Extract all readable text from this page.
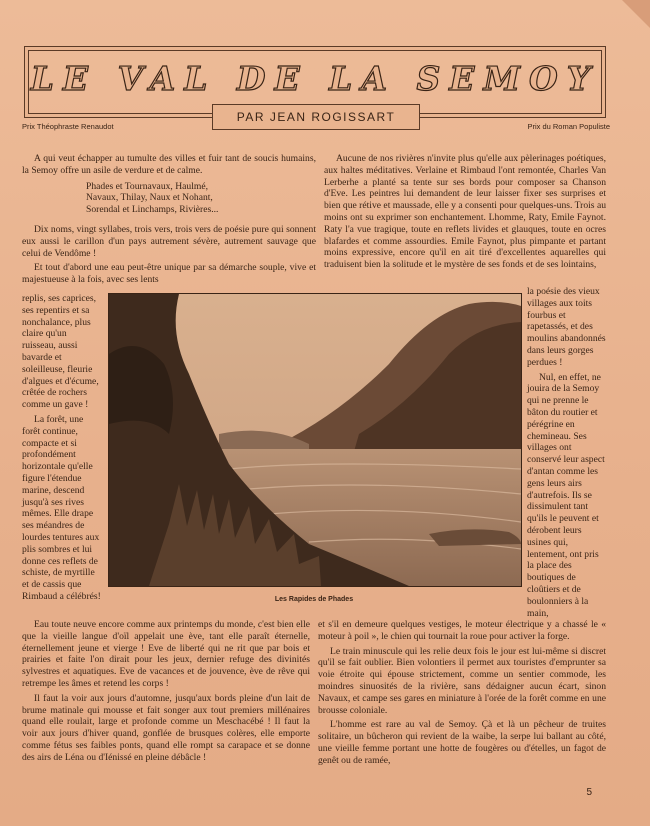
LE VAL DE LA SEMOY
PAR JEAN ROGISSART
Prix Théophraste Renaudot	Prix du Roman Populiste

A qui veut échapper au tumulte des villes et fuir tant de soucis humains, la Semoy offre un asile de verdure et de calme.

Phades et Tournavaux, Haulmé,
Navaux, Thilay, Naux et Nohant,
Sorendal et Linchamps, Rivières...

Dix noms, vingt syllabes, trois vers, trois vers de poésie pure qui sonnent eux aussi le carillon d'un pays autrement sévère, autrement sauvage que celui de Vendôme !

Et tout d'abord une eau peut-être unique par sa démarche souple, vive et majestueuse à la fois, avec ses lents

replis, ses caprices, ses repentirs et sa nonchalance, plus claire qu'un ruisseau, aussi bavarde et soleilleuse, fleurie d'algues et d'écume, crêtée de rochers comme un gave !

La forêt, une forêt continue, compacte et si profondément horizontale qu'elle figure l'étendue marine, descend jusqu'à ses rives mêmes. Elle drape ses méandres de lourdes tentures aux plis sombres et lui donne ces reflets de schiste, de myrtille et de cassis que Rimbaud a célébrés!	Les Rapides de Phades

Eau toute neuve encore comme aux printemps du monde, c'est bien elle que la vieille langue d'oïl appelait une ève, tant elle paraît éternelle, éternellement jeune et vierge ! Eve de liberté qui ne rit que par bois et prairies et faite l'on dirait pour les jeux, dernier refuge des divinités sylvestres et aquatiques. Eve de vacances et de jouvence, ève de rêve qui retrempe les âmes et retend les corps !

Il faut la voir aux jours d'automne, jusqu'aux bords pleine d'un lait de brume matinale qui mousse et fait songer aux tout premiers millénaires quand elle roulait, large et profonde comme un Meschacébé ! Il faut la voir aux jours d'hiver quand, gonflée de brusques colères, elle emporte comme fétus ses faibles ponts, quand elle rompt sa carapace et se donne des airs de Léna ou d'Iénissé en pleine débâcle !

Aucune de nos rivières n'invite plus qu'elle aux pèlerinages poétiques, aux haltes méditatives. Verlaine et Rimbaud l'ont remontée, Charles Van Lerberhe a planté sa tente sur ses bords pour composer sa Chanson d'Eve. Les peintres lui demandent de leur laisser fixer ses surprises et bien que rétive et maussade, elle y a consenti pour quelques-uns. Trois au moins ont su exprimer son enchantement. Lhomme, Raty, Emile Faynot. Raty l'a vue tragique, toute en reflets livides et glauques, toute en ocres blafardes et comme assourdies. Emile Faynot, plus pimpante et partant moins expressive, encore qu'il en ait tiré d'excellentes aquarelles qui traduisent bien la solitude et le mystère de ses fonds et de ses lointains,

la poésie des vieux villages aux toits fourbus et rapetassés, et des moulins abandonnés dans leurs gorges perdues !

Nul, en effet, ne jouira de la Semoy qui ne prenne le bâton du routier et pérégrine en chemineau. Ses villages ont conservé leur aspect d'antan comme les gens leurs airs d'autrefois. Ils se dissimulent tant qu'ils le peuvent et dérobent leurs usines qui, lentement, ont pris la place des boutiques de cloûtiers et de boulonniers à la main,

et s'il en demeure quelques vestiges, le moteur électrique y a chassé le « moteur à poil », le chien qui tournait la roue pour activer la forge.

Le train minuscule qui les relie deux fois le jour est lui-même si discret qu'il se fait oublier. Bien volontiers il permet aux touristes d'emprunter sa voie étroite qui épouse strictement, comme un sentier commode, les moindres sinuosités de la rivière, sans dédaigner aucun écart, sinon Navaux, et campe ses gares en miniature à l'orée de la forêt comme en une brousse coloniale.

L'homme est rare au val de Semoy. Çà et là un pêcheur de truites solitaire, un bûcheron qui revient de la waibe, la serpe lui ballant au côté, une vieille femme portant une hotte de fougères ou d'ételles, un fagot de genêt ou de ramée,

5
